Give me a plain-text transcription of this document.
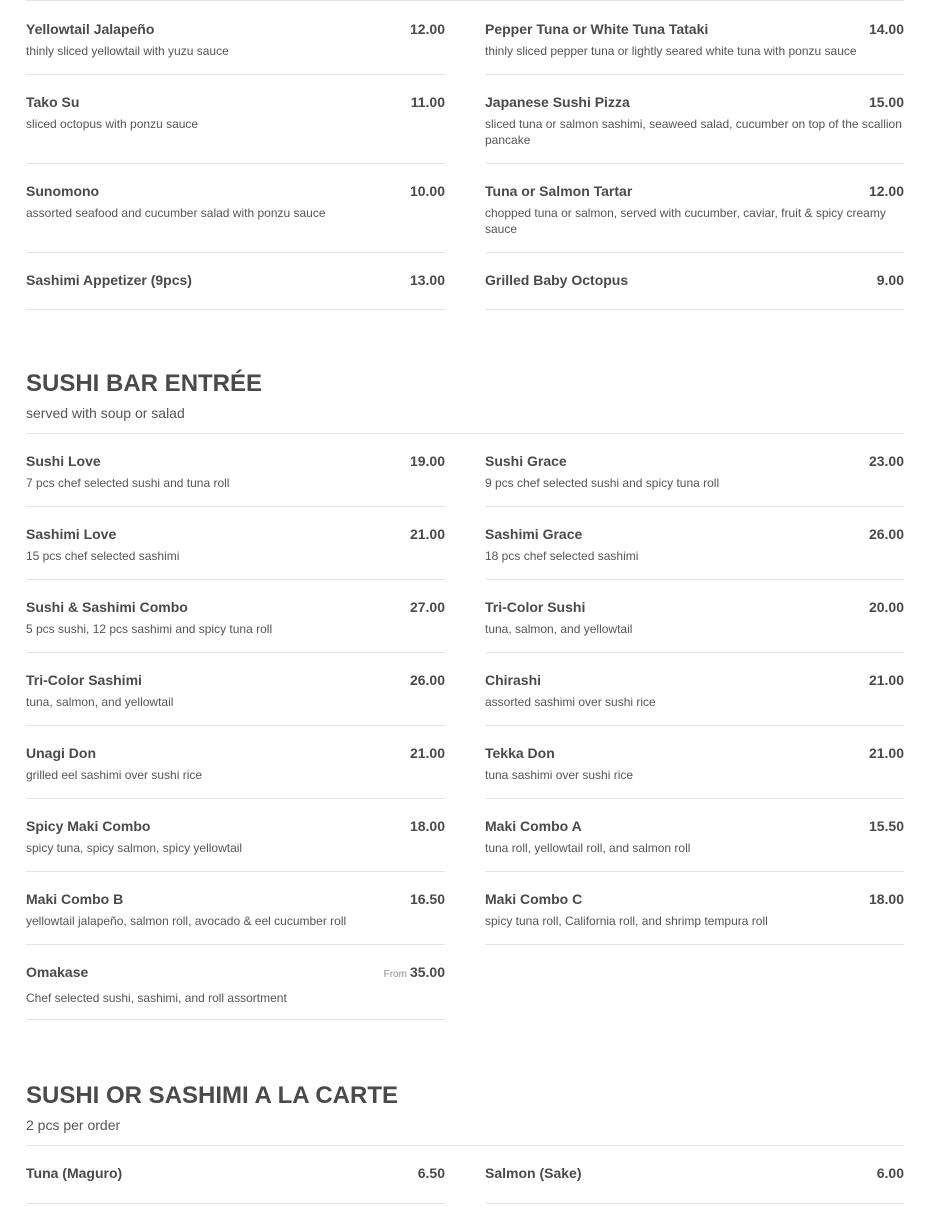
Yellowtail Jalapeño	12.00
thinly sliced yellowtail with yuzu sauce
Tako Su	11.00
sliced octopus with ponzu sauce
Sunomono	10.00
assorted seafood and cucumber salad with ponzu sauce
Sashimi Appetizer (9pcs)	13.00
Pepper Tuna or White Tuna Tataki	14.00
thinly sliced pepper tuna or lightly seared white tuna with ponzu sauce
Japanese Sushi Pizza	15.00
sliced tuna or salmon sashimi, seaweed salad, cucumber on top of the scallion pancake
Tuna or Salmon Tartar	12.00
chopped tuna or salmon, served with cucumber, caviar, fruit & spicy creamy sauce
Grilled Baby Octopus	9.00
SUSHI BAR ENTRÉE
served with soup or salad
Sushi Love	19.00
7 pcs chef selected sushi and tuna roll
Sashimi Love	21.00
15 pcs chef selected sashimi
Sushi & Sashimi Combo	27.00
5 pcs sushi, 12 pcs sashimi and spicy tuna roll
Tri-Color Sashimi	26.00
tuna, salmon, and yellowtail
Unagi Don	21.00
grilled eel sashimi over sushi rice
Spicy Maki Combo	18.00
spicy tuna, spicy salmon, spicy yellowtail
Maki Combo B	16.50
yellowtail jalapeño, salmon roll, avocado & eel cucumber roll
Omakase	From 35.00
Chef selected sushi, sashimi, and roll assortment
Sushi Grace	23.00
9 pcs chef selected sushi and spicy tuna roll
Sashimi Grace	26.00
18 pcs chef selected sashimi
Tri-Color Sushi	20.00
tuna, salmon, and yellowtail
Chirashi	21.00
assorted sashimi over sushi rice
Tekka Don	21.00
tuna sashimi over sushi rice
Maki Combo A	15.50
tuna roll, yellowtail roll, and salmon roll
Maki Combo C	18.00
spicy tuna roll, California roll, and shrimp tempura roll
SUSHI OR SASHIMI A LA CARTE
2 pcs per order
Tuna (Maguro)	6.50	Salmon (Sake)	6.00
